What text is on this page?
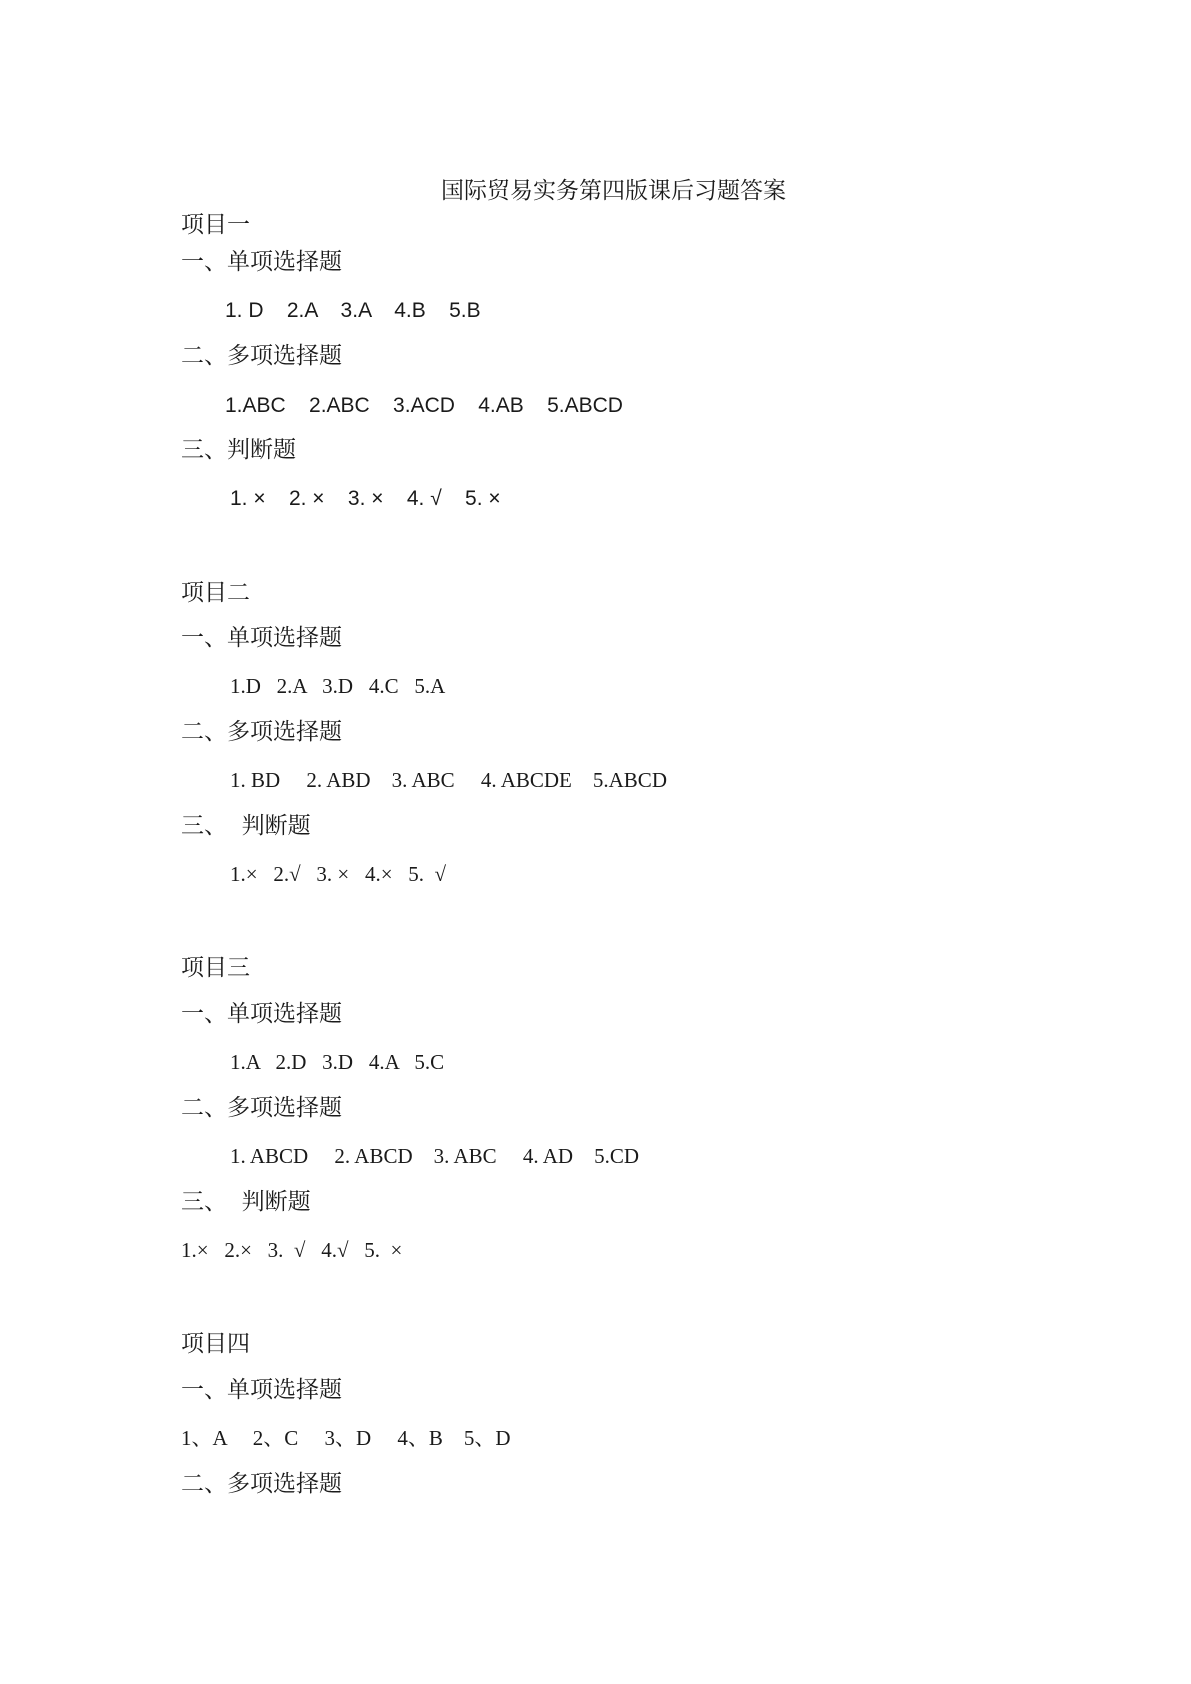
国际贸易实务第四版课后习题答案
项目一
一、单项选择题
1. D    2.A    3.A    4.B    5.B
二、多项选择题
1.ABC    2.ABC    3.ACD    4.AB    5.ABCD
三、判断题
1. ×    2. ×    3. ×    4. √    5. ×
项目二
一、单项选择题
1.D   2.A   3.D   4.C   5.A
二、多项选择题
1. BD     2. ABD    3. ABC     4. ABCDE    5.ABCD
三、  判断题
1.×   2.√   3. ×   4.×   5.  √
项目三
一、单项选择题
1.A   2.D   3.D   4.A   5.C
二、多项选择题
1. ABCD     2. ABCD    3. ABC     4. AD    5.CD
三、  判断题
1.×   2.×   3.  √   4.√   5.  ×
项目四
一、单项选择题
1、A     2、C     3、D     4、B    5、D
二、多项选择题
